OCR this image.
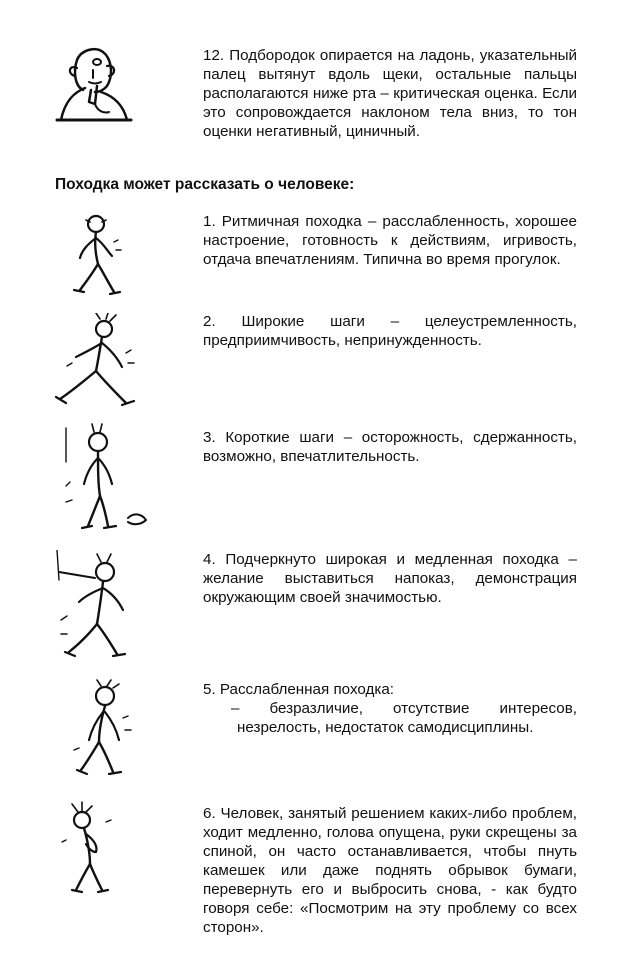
12. Подбородок опирается на ладонь, указательный палец вытянут вдоль щеки, остальные пальцы располагаются ниже рта – критическая оценка. Если это сопровождается наклоном тела вниз, то тон оценки негативный, циничный.

Походка может рассказать о человеке:

1. Ритмичная походка – расслабленность, хорошее настроение, готовность к действиям, игривость, отдача впечатлениям. Типична во время прогулок.

2. Широкие шаги – целеустремленность, предприимчивость, непринужденность.

3. Короткие шаги – осторожность, сдержанность, возможно, впечатлительность.

4. Подчеркнуто широкая и медленная походка – желание выставиться напоказ, демонстрация окружающим своей значимостью.

5. Расслабленная походка:

– безразличие, отсутствие интересов,
незрелость, недостаток самодисциплины.

6. Человек, занятый решением каких-либо проблем, ходит медленно, голова опущена, руки скрещены за спиной, он часто останавливается, чтобы пнуть камешек или даже поднять обрывок бумаги, перевернуть его и выбросить снова, - как будто говоря себе: «Посмотрим на эту проблему со всех сторон».
